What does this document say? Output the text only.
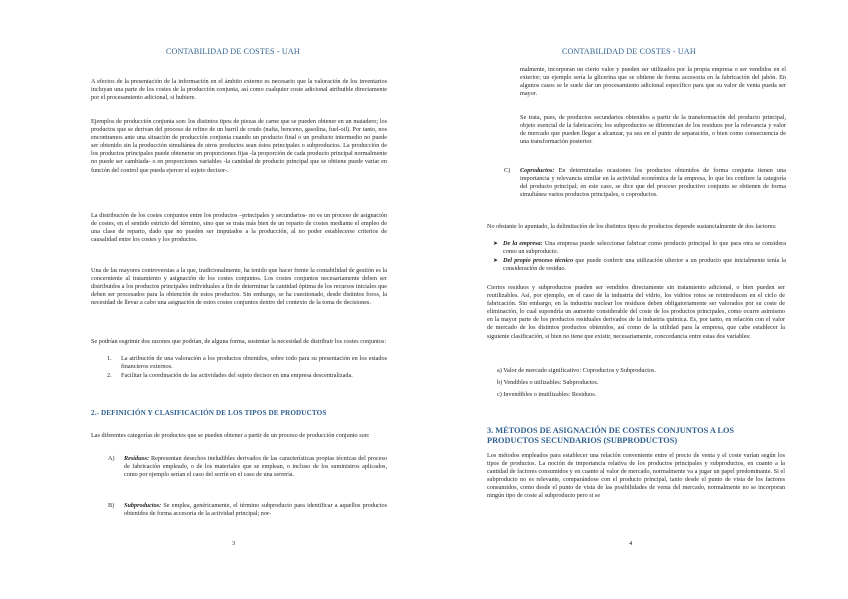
CONTABILIDAD DE COSTES - UAH

A efectos de la presentación de la información en el ámbito externo es necesario que la valoración de los inventarios incluyan una parte de los costes de la producción conjunta, así como cualquier coste adicional atribuible directamente por el procesamiento adicional, si hubiere.

Ejemplos de producción conjunta son: los distintos tipos de piezas de carne que se pueden obtener en un matadero; los productos que se derivan del proceso de refino de un barril de crudo (nafta, benceno, gasolina, fuel-oil). Por tanto, nos encontramos ante una situación de producción conjunta cuando un producto final o un producto intermedio no puede ser obtenido sin la producción simultánea de otros productos sean éstos principales o subproductos. La producción de los productos principales puede obtenerse en proporciones fijas -la proporción de cada producto principal normalmente no puede ser cambiada- o en proporciones variables -la cantidad de producto principal que se obtiene puede variar en función del control que pueda ejercer el sujeto decisor-.

La distribución de los costes conjuntos entre los productos –principales y secundarios- no es un proceso de asignación de costes, en el sentido estricto del término, sino que se trata más bien de un reparto de costes mediante el empleo de una clase de reparto, dado que no pueden ser imputados a la producción, al no poder establecerse criterios de causalidad entre los costes y los productos.

Una de las mayores controversias a la que, tradicionalmente, ha tenido que hacer frente la contabilidad de gestión es la concerniente al tratamiento y asignación de los costes conjuntos. Los costes conjuntos necesariamente deben ser distribuidos a los productos principales individuales a fin de determinar la cantidad óptima de los recursos iniciales que deben ser procesados para la obtención de estos productos. Sin embargo, se ha cuestionado, desde distintos foros, la necesidad de llevar a cabo una asignación de estos costes conjuntos dentro del contexto de la toma de decisiones.

Se podrían esgrimir dos razones que podrían, de alguna forma, sustentar la necesidad de distribuir los costes conjuntos:

1. La atribución de una valoración a los productos obtenidos, sobre todo para su presentación en los estados financieros externos.

2. Facilitar la coordinación de las actividades del sujeto decisor en una empresa descentralizada.

2.- DEFINICIÓN Y CLASIFICACIÓN DE LOS TIPOS DE PRODUCTOS

Las diferentes categorías de productos que se pueden obtener a partir de un proceso de producción conjunto son:

A) Residuos: Representan desechos ineludibles derivados de las características propias técnicas del proceso de fabricación empleado, o de los materiales que se emplean, o incluso de los suministros aplicados, como por ejemplo serían el caso del serrín en el caso de una serrería.

B) Subproductos: Se emplea, genéricamente, el término subproducto para identificar a aquellos productos obtenidos de forma accesoria de la actividad principal; nor-

3
CONTABILIDAD DE COSTES - UAH

malmente, incorporan un cierto valor y pueden ser utilizados por la propia empresa o ser vendidos en el exterior; un ejemplo sería la glicerina que se obtiene de forma accesoria en la fabricación del jabón. En algunos casos se le suele dar un procesamiento adicional específico para que su valor de venta pueda ser mayor.

Se trata, pues, de productos secundarios obtenidos a partir de la transformación del producto principal, objeto esencial de la fabricación; los subproductos se diferencian de los residuos por la relevancia y valor de mercado que pueden llegar a alcanzar, ya sea en el punto de separación, o bien como consecuencia de una transformación posterior.

C) Coproductos: En determinadas ocasiones los productos obtenidos de forma conjunta tienen una importancia y relevancia similar en la actividad económica de la empresa, lo que les confiere la categoría del producto principal; en este caso, se dice que del proceso productivo conjunto se obtienen de forma simultánea varios productos principales, o coproductos.

No obstante lo apuntado, la delimitación de los distintos tipos de productos depende sustancialmente de dos factores:

➤ De la empresa: Una empresa puede seleccionar fabricar como producto principal lo que para otra se considera como un subproducto.

➤ Del propio proceso técnico que puede conferir una utilización ulterior a un producto que inicialmente tenía la consideración de residuo.

Ciertos residuos y subproductos pueden ser vendidos directamente sin tratamiento adicional, o bien pueden ser reutilizables. Así, por ejemplo, en el caso de la industria del vidrio, los vidrios rotos se reintroducen en el ciclo de fabricación. Sin embargo, en la industria nuclear los residuos deben obligatoriamente ser valorados por su coste de eliminación, lo cual supondría un aumento considerable del coste de los productos principales, como ocurre asimismo en la mayor parte de los productos residuales derivados de la industria química. Es, por tanto, en relación con el valor de mercado de los distintos productos obtenidos, así como de la utilidad para la empresa, que cabe establecer la siguiente clasificación, si bien no tiene que existir, necesariamente, concordancia entre estas dos variables:

a) Valor de mercado significativo: Coproductos y Subproductos.

b) Vendibles o utilizables: Subproductos.

c) Invendibles o inutilizables: Residuos.

3. MÉTODOS DE ASIGNACIÓN DE COSTES CONJUNTOS A LOS PRODUCTOS SECUNDARIOS (SUBPRODUCTOS)

Los métodos empleados para establecer una relación conveniente entre el precio de venta y el coste varían según los tipos de productos. La noción de importancia relativa de los productos principales y subproductos, en cuanto a la cantidad de factores consumidos y en cuanto al valor de mercado, normalmente va a jugar un papel predominante. Si el subproducto no es relevante, comparándose con el producto principal, tanto desde el punto de vista de los factores consumidos, como desde el punto de vista de las posibilidades de venta del mercado, normalmente no se incorporan ningún tipo de coste al subproducto pero si se

4
